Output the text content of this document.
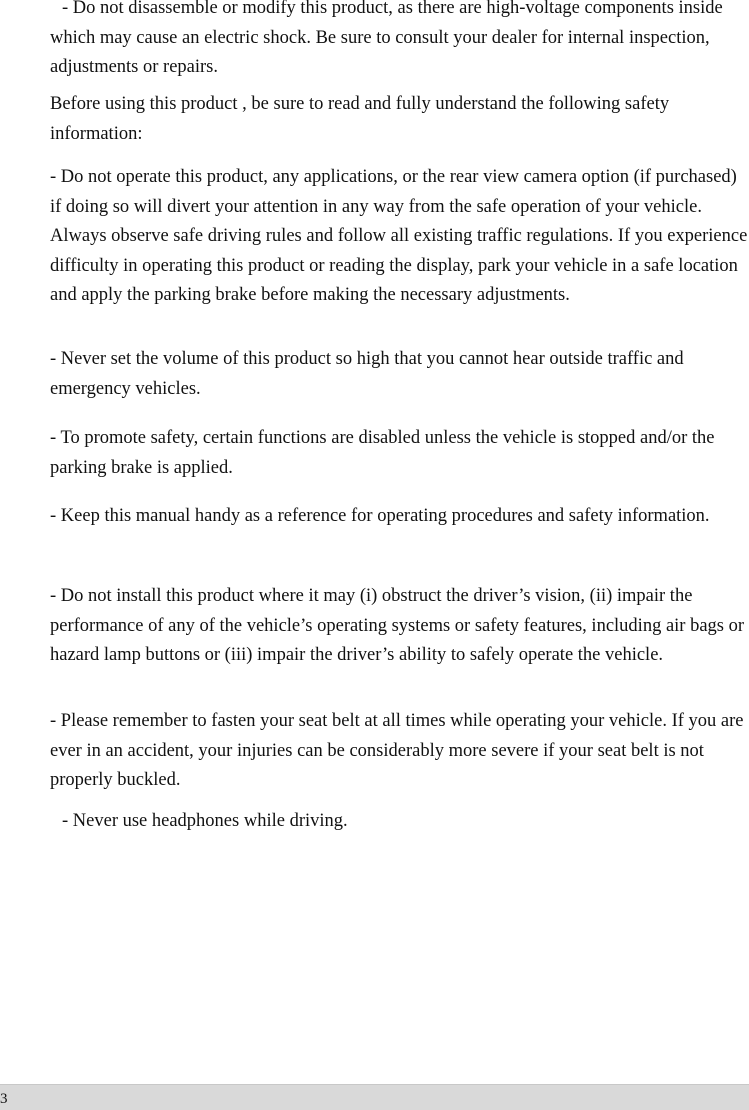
- Do not disassemble or modify this product, as there are high-voltage components inside which may cause an electric shock. Be sure to consult your dealer for internal inspection, adjustments or repairs.

Before using this product , be sure to read and fully understand the following safety information:

- Do not operate this product, any applications, or the rear view camera option (if purchased) if doing so will divert your attention in any way from the safe operation of your vehicle. Always observe safe driving rules and follow all existing traffic regulations. If you experience difficulty in operating this product or reading the display, park your vehicle in a safe location and apply the parking brake before making the necessary adjustments.

- Never set the volume of this product so high that you cannot hear outside traffic and emergency vehicles.

- To promote safety, certain functions are disabled unless the vehicle is stopped and/or the parking brake is applied.

- Keep this manual handy as a reference for operating procedures and safety information.

- Do not install this product where it may (i) obstruct the driver’s vision, (ii) impair the performance of any of the vehicle’s operating systems or safety features, including air bags or hazard lamp buttons or (iii) impair the driver’s ability to safely operate the vehicle.

- Please remember to fasten your seat belt at all times while operating your vehicle. If you are ever in an accident, your injuries can be considerably more severe if your seat belt is not properly buckled.

- Never use headphones while driving.

3
